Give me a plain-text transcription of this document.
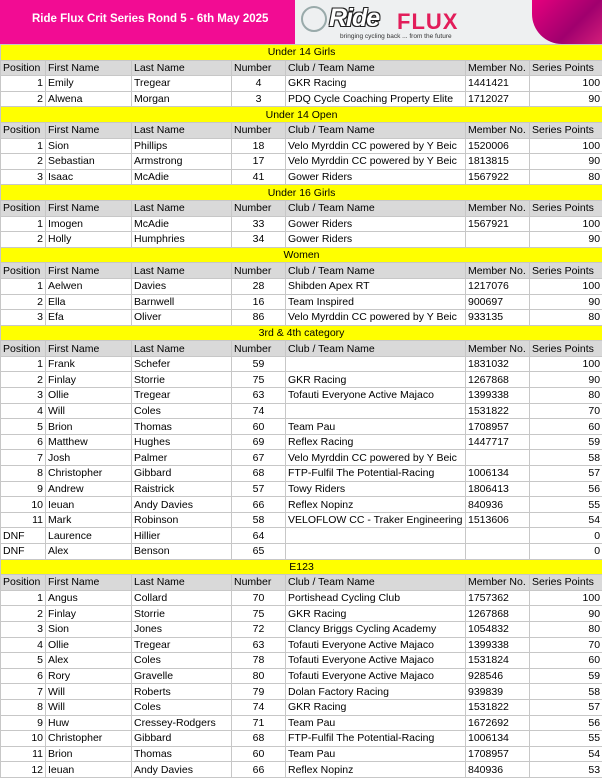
Ride Flux Crit Series Rond 5 - 6th May 2025 Ride FLUX
bringing cycling back ... from the future
Under 14 Girls						
Position	First Name	Last Name	Number	Club / Team Name	Member No.	Series Points
1	Emily	Tregear	4	GKR Racing	1441421	100
2	Alwena	Morgan	3	PDQ Cycle Coaching Property Elite	1712027	90
Under 14 Open						
Position	First Name	Last Name	Number	Club / Team Name	Member No.	Series Points
1	Sion	Phillips	18	Velo Myrddin CC powered by Y Beic	1520006	100
2	Sebastian	Armstrong	17	Velo Myrddin CC powered by Y Beic	1813815	90
3	Isaac	McAdie	41	Gower Riders	1567922	80
Under 16 Girls						
Position	First Name	Last Name	Number	Club / Team Name	Member No.	Series Points
1	Imogen	McAdie	33	Gower Riders	1567921	100
2	Holly	Humphries	34	Gower Riders		90
Women						
Position	First Name	Last Name	Number	Club / Team Name	Member No.	Series Points
1	Aelwen	Davies	28	Shibden Apex RT	1217076	100
2	Ella	Barnwell	16	Team Inspired	900697	90
3	Efa	Oliver	86	Velo Myrddin CC powered by Y Beic	933135	80
3rd & 4th category						
Position	First Name	Last Name	Number	Club / Team Name	Member No.	Series Points
1	Frank	Schefer	59		1831032	100
2	Finlay	Storrie	75	GKR Racing	1267868	90
3	Ollie	Tregear	63	Tofauti Everyone Active Majaco	1399338	80
4	Will	Coles	74		1531822	70
5	Brion	Thomas	60	Team Pau	1708957	60
6	Matthew	Hughes	69	Reflex Racing	1447717	59
7	Josh	Palmer	67	Velo Myrddin CC powered by Y Beic		58
8	Christopher	Gibbard	68	FTP-Fulfil The Potential-Racing	1006134	57
9	Andrew	Raistrick	57	Towy Riders	1806413	56
10	Ieuan	Andy Davies	66	Reflex Nopinz	840936	55
11	Mark	Robinson	58	VELOFLOW CC - Traker Engineering	1513606	54
DNF	Laurence	Hillier	64			0
DNF	Alex	Benson	65			0
E123						
Position	First Name	Last Name	Number	Club / Team Name	Member No.	Series Points
1	Angus	Collard	70	Portishead Cycling Club	1757362	100
2	Finlay	Storrie	75	GKR Racing	1267868	90
3	Sion	Jones	72	Clancy Briggs Cycling Academy	1054832	80
4	Ollie	Tregear	63	Tofauti Everyone Active Majaco	1399338	70
5	Alex	Coles	78	Tofauti Everyone Active Majaco	1531824	60
6	Rory	Gravelle	80	Tofauti Everyone Active Majaco	928546	59
7	Will	Roberts	79	Dolan Factory Racing	939839	58
8	Will	Coles	74	GKR Racing	1531822	57
9	Huw	Cressey-Rodgers	71	Team Pau	1672692	56
10	Christopher	Gibbard	68	FTP-Fulfil The Potential-Racing	1006134	55
11	Brion	Thomas	60	Team Pau	1708957	54
12	Ieuan	Andy Davies	66	Reflex Nopinz	840936	53
